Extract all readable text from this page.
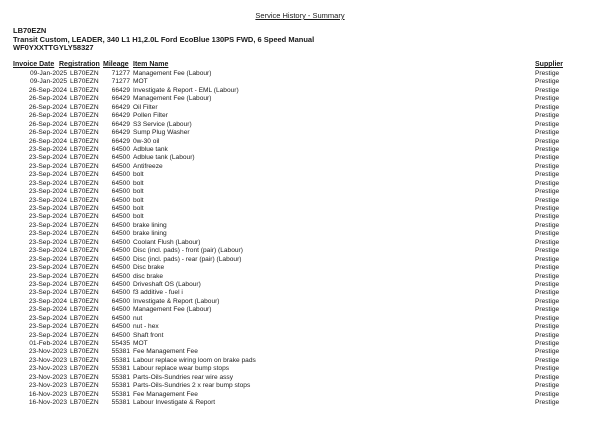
Service History - Summary
LB70EZN
Transit Custom, LEADER, 340 L1 H1,2.0L Ford EcoBlue 130PS FWD, 6 Speed Manual
WF0YXXTTGYLY58327
Invoice Date Registration Mileage Item Name	Supplier
09-Jan-2025 LB70EZN	71277 Management Fee (Labour)	Prestige
09-Jan-2025 LB70EZN	71277 MOT	Prestige
26-Sep-2024 LB70EZN	66429 Investigate & Report - EML (Labour)	Prestige
26-Sep-2024 LB70EZN	66429 Management Fee (Labour)	Prestige
26-Sep-2024 LB70EZN	66429 Oil Filter	Prestige
26-Sep-2024 LB70EZN	66429 Pollen Filter	Prestige
26-Sep-2024 LB70EZN	66429 S3 Service (Labour)	Prestige
26-Sep-2024 LB70EZN	66429 Sump Plug Washer	Prestige
26-Sep-2024 LB70EZN	66429 0w-30 oil	Prestige
23-Sep-2024 LB70EZN	64500 Adblue tank	Prestige
23-Sep-2024 LB70EZN	64500 Adblue tank (Labour)	Prestige
23-Sep-2024 LB70EZN	64500 Antifreeze	Prestige
23-Sep-2024 LB70EZN	64500 bolt	Prestige
23-Sep-2024 LB70EZN	64500 bolt	Prestige
23-Sep-2024 LB70EZN	64500 bolt	Prestige
23-Sep-2024 LB70EZN	64500 bolt	Prestige
23-Sep-2024 LB70EZN	64500 bolt	Prestige
23-Sep-2024 LB70EZN	64500 bolt	Prestige
23-Sep-2024 LB70EZN	64500 brake lining	Prestige
23-Sep-2024 LB70EZN	64500 brake lining	Prestige
23-Sep-2024 LB70EZN	64500 Coolant Flush (Labour)	Prestige
23-Sep-2024 LB70EZN	64500 Disc (incl. pads) - front (pair) (Labour)	Prestige
23-Sep-2024 LB70EZN	64500 Disc (incl. pads) - rear (pair) (Labour)	Prestige
23-Sep-2024 LB70EZN	64500 Disc brake	Prestige
23-Sep-2024 LB70EZN	64500 disc brake	Prestige
23-Sep-2024 LB70EZN	64500 Driveshaft OS (Labour)	Prestige
23-Sep-2024 LB70EZN	64500 f3 additive - fuel i	Prestige
23-Sep-2024 LB70EZN	64500 Investigate & Report (Labour)	Prestige
23-Sep-2024 LB70EZN	64500 Management Fee (Labour)	Prestige
23-Sep-2024 LB70EZN	64500 nut	Prestige
23-Sep-2024 LB70EZN	64500 nut - hex	Prestige
23-Sep-2024 LB70EZN	64500 Shaft front	Prestige
01-Feb-2024 LB70EZN	55435 MOT	Prestige
23-Nov-2023 LB70EZN	55381 Fee Management Fee	Prestige
23-Nov-2023 LB70EZN	55381 Labour replace wiring loom on brake pads	Prestige
23-Nov-2023 LB70EZN	55381 Labour replace wear bump stops	Prestige
23-Nov-2023 LB70EZN	55381 Parts-Oils-Sundries rear wire assy	Prestige
23-Nov-2023 LB70EZN	55381 Parts-Oils-Sundries 2 x rear bump stops	Prestige
16-Nov-2023 LB70EZN	55381 Fee Management Fee	Prestige
16-Nov-2023 LB70EZN	55381 Labour Investigate & Report	Prestige
